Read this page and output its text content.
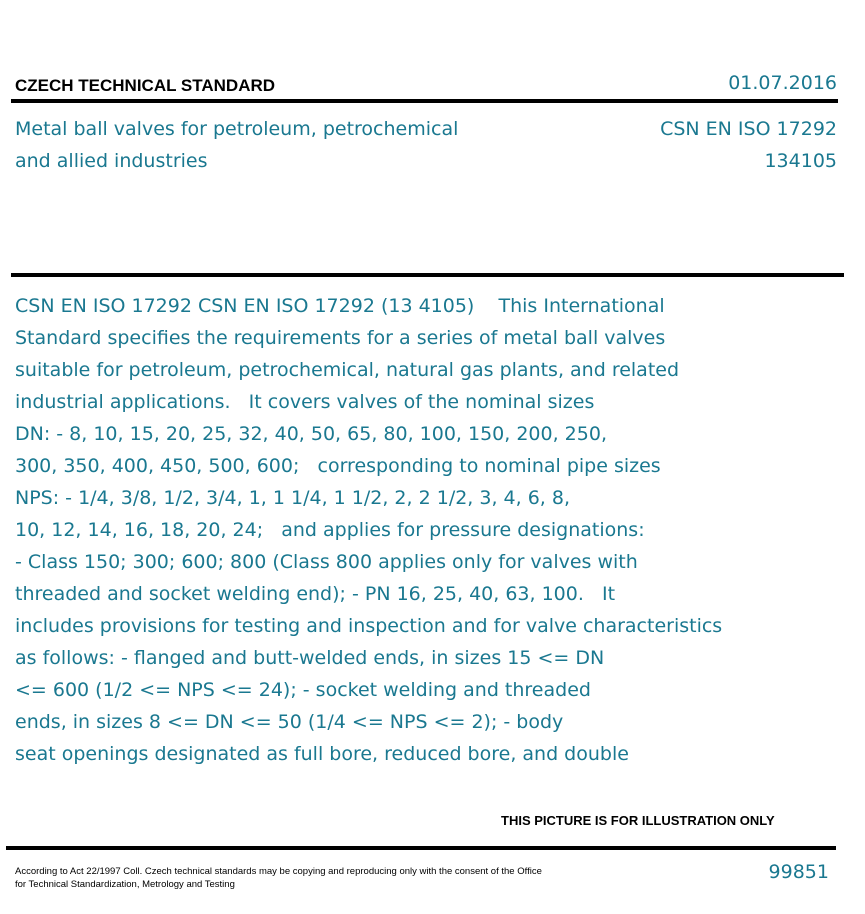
CZECH TECHNICAL STANDARD	01.07.2016
Metal ball valves for petroleum, petrochemical
and allied industries
CSN EN ISO 17292
134105
CSN EN ISO 17292 CSN EN ISO 17292 (13 4105)    This International
Standard specifies the requirements for a series of metal ball valves
suitable for petroleum, petrochemical, natural gas plants, and related
industrial applications.   It covers valves of the nominal sizes
DN: - 8, 10, 15, 20, 25, 32, 40, 50, 65, 80, 100, 150, 200, 250,
300, 350, 400, 450, 500, 600;   corresponding to nominal pipe sizes
NPS: - 1/4, 3/8, 1/2, 3/4, 1, 1 1/4, 1 1/2, 2, 2 1/2, 3, 4, 6, 8,
10, 12, 14, 16, 18, 20, 24;   and applies for pressure designations:
- Class 150; 300; 600; 800 (Class 800 applies only for valves with
threaded and socket welding end); - PN 16, 25, 40, 63, 100.   It
includes provisions for testing and inspection and for valve characteristics
as follows: - flanged and butt-welded ends, in sizes 15 <= DN
<= 600 (1/2 <= NPS <= 24); - socket welding and threaded
ends, in sizes 8 <= DN <= 50 (1/4 <= NPS <= 2); - body
seat openings designated as full bore, reduced bore, and double
THIS PICTURE IS FOR ILLUSTRATION ONLY
According to Act 22/1997 Coll. Czech technical standards may be copying and reproducing only with the consent of the Office
for Technical Standardization, Metrology and Testing
99851
